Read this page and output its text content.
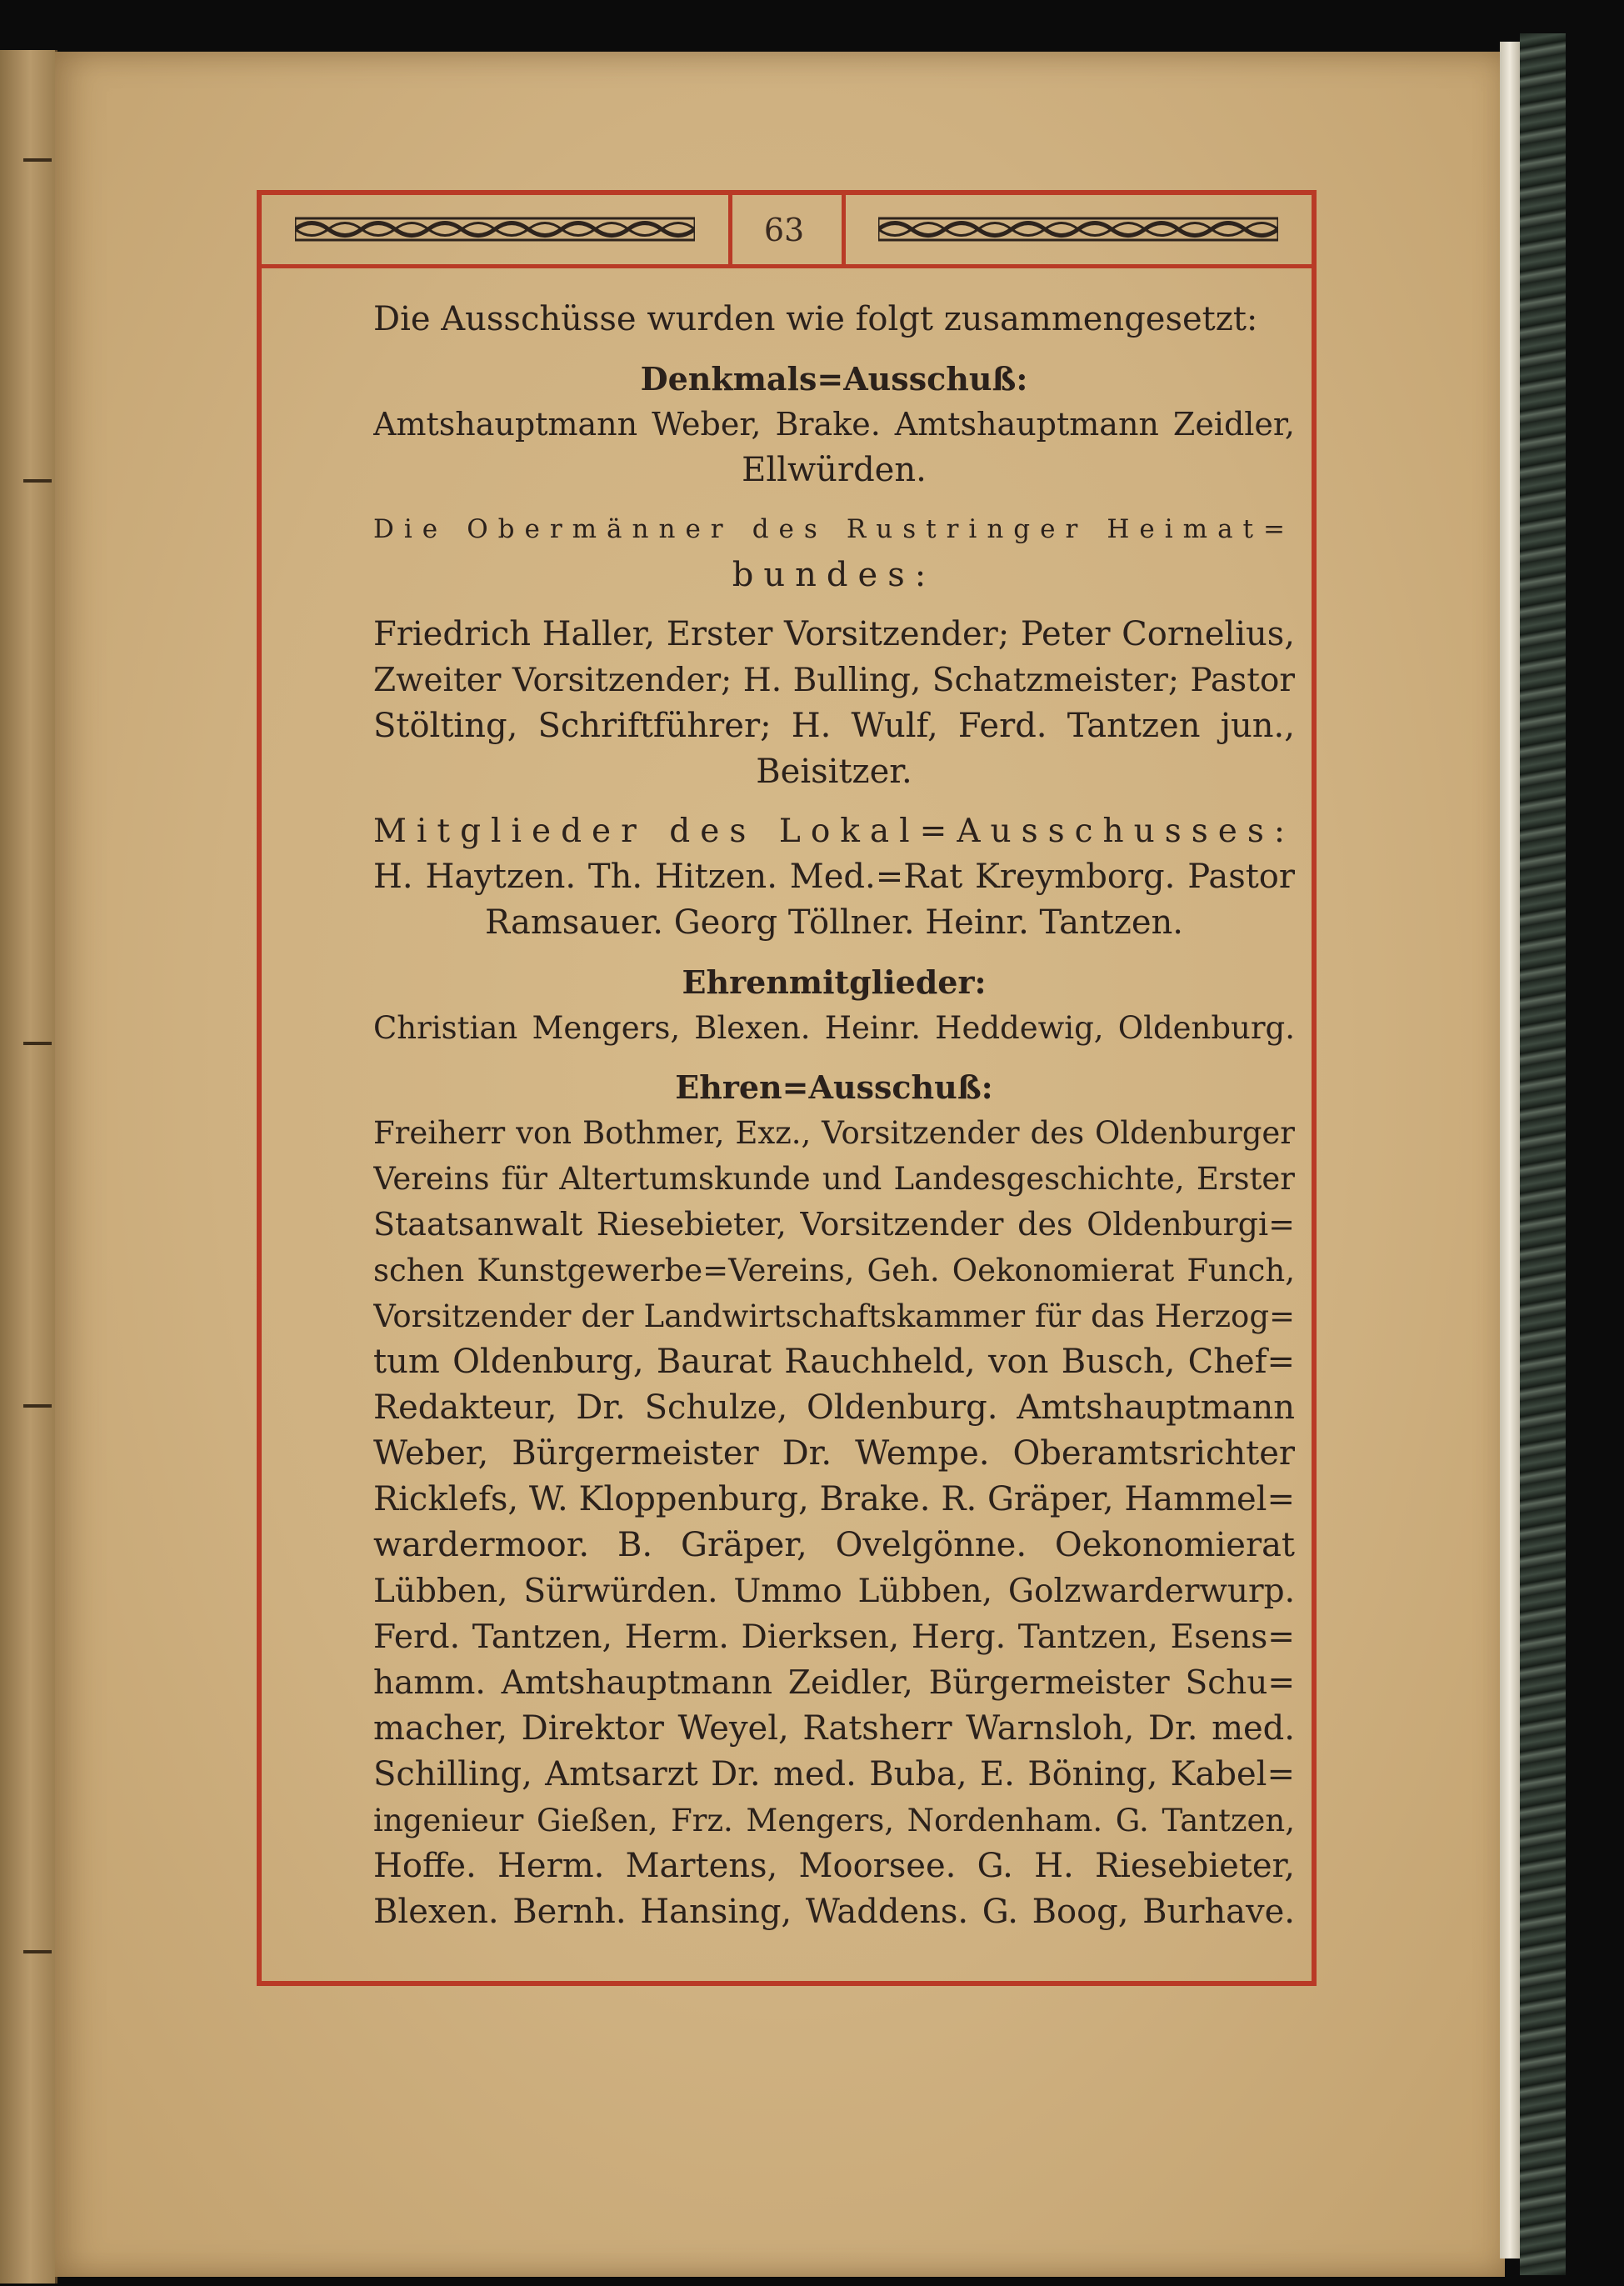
63
Die Ausschüsse wurden wie folgt zusammengesetzt:
Denkmals=Ausschuß:
Amtshauptmann Weber, Brake. Amtshauptmann Zeidler,
Ellwürden.
Die Obermänner des Rustringer Heimat=
bundes:
Friedrich Haller, Erster Vorsitzender; Peter Cornelius,
Zweiter Vorsitzender; H. Bulling, Schatzmeister; Pastor
Stölting, Schriftführer; H. Wulf, Ferd. Tantzen jun.,
Beisitzer.
Mitglieder des Lokal=Ausschusses:
H. Haytzen. Th. Hitzen. Med.=Rat Kreymborg. Pastor
Ramsauer. Georg Töllner. Heinr. Tantzen.
Ehrenmitglieder:
Christian Mengers, Blexen. Heinr. Heddewig, Oldenburg.
Ehren=Ausschuß:
Freiherr von Bothmer, Exz., Vorsitzender des Oldenburger
Vereins für Altertumskunde und Landesgeschichte, Erster
Staatsanwalt Riesebieter, Vorsitzender des Oldenburgi=
schen Kunstgewerbe=Vereins, Geh. Oekonomierat Funch,
Vorsitzender der Landwirtschaftskammer für das Herzog=
tum Oldenburg, Baurat Rauchheld, von Busch, Chef=
Redakteur, Dr. Schulze, Oldenburg. Amtshauptmann
Weber, Bürgermeister Dr. Wempe. Oberamtsrichter
Ricklefs, W. Kloppenburg, Brake. R. Gräper, Hammel=
wardermoor. B. Gräper, Ovelgönne. Oekonomierat
Lübben, Sürwürden. Ummo Lübben, Golzwarderwurp.
Ferd. Tantzen, Herm. Dierksen, Herg. Tantzen, Esens=
hamm. Amtshauptmann Zeidler, Bürgermeister Schu=
macher, Direktor Weyel, Ratsherr Warnsloh, Dr. med.
Schilling, Amtsarzt Dr. med. Buba, E. Böning, Kabel=
ingenieur Gießen, Frz. Mengers, Nordenham. G. Tantzen,
Hoffe. Herm. Martens, Moorsee. G. H. Riesebieter,
Blexen. Bernh. Hansing, Waddens. G. Boog, Burhave.
